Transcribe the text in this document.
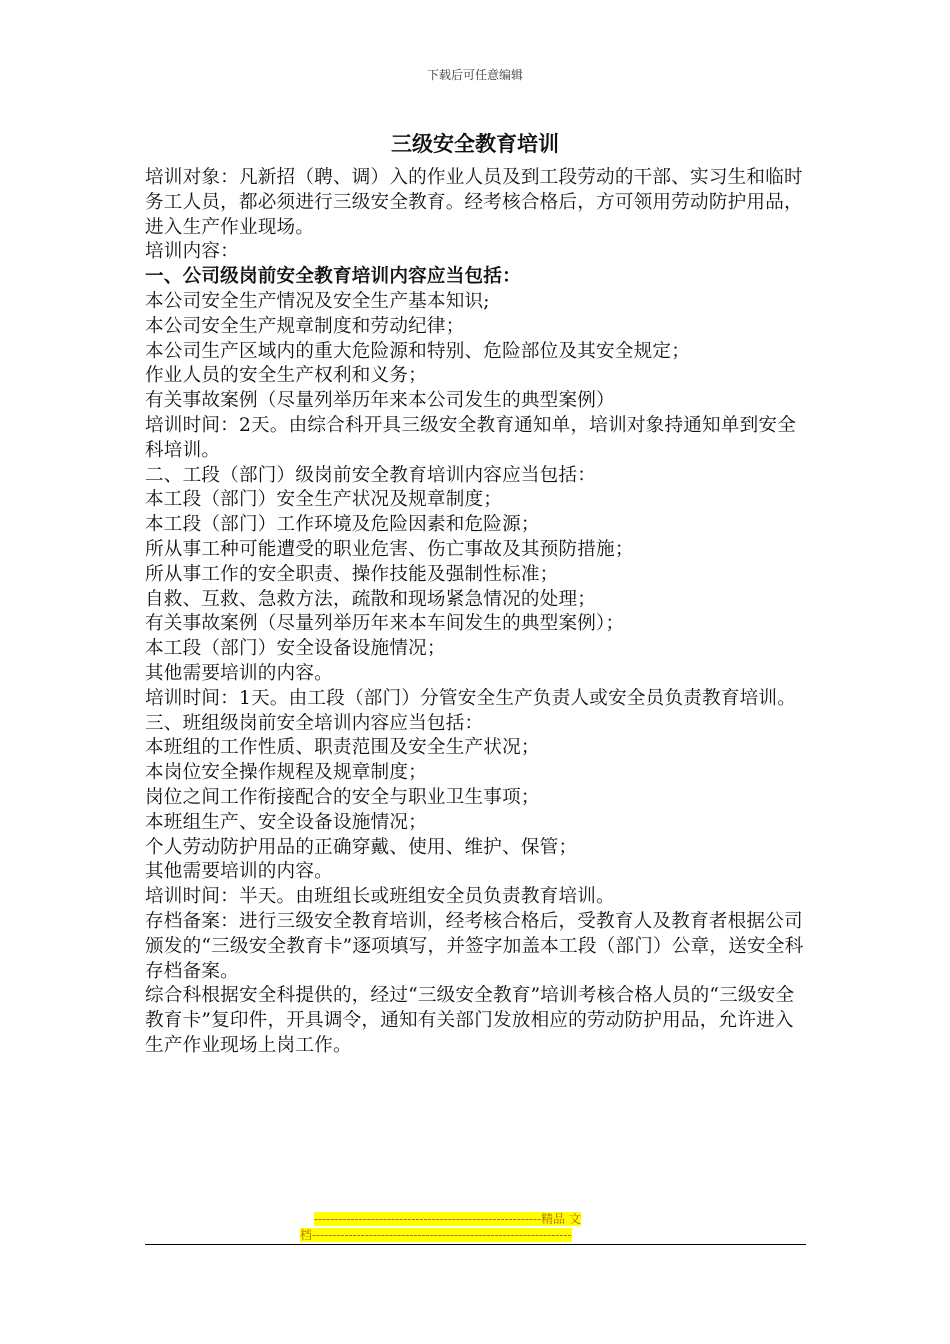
下载后可任意编辑
三级安全教育培训

培训对象：凡新招（聘、调）入的作业人员及到工段劳动的干部、实习生和临时务工人员，都必须进行三级安全教育。经考核合格后，方可领用劳动防护用品，进入生产作业现场。

培训内容：

一、公司级岗前安全教育培训内容应当包括：

本公司安全生产情况及安全生产基本知识;

本公司安全生产规章制度和劳动纪律；

本公司生产区域内的重大危险源和特别、危险部位及其安全规定；

作业人员的安全生产权利和义务；

有关事故案例（尽量列举历年来本公司发生的典型案例）

培训时间：2天。由综合科开具三级安全教育通知单，培训对象持通知单到安全科培训。

二、工段（部门）级岗前安全教育培训内容应当包括：

本工段（部门）安全生产状况及规章制度；

本工段（部门）工作环境及危险因素和危险源；

所从事工种可能遭受的职业危害、伤亡事故及其预防措施；

所从事工作的安全职责、操作技能及强制性标准；

自救、互救、急救方法，疏散和现场紧急情况的处理；

有关事故案例（尽量列举历年来本车间发生的典型案例）；

本工段（部门）安全设备设施情况；

其他需要培训的内容。

培训时间：1天。由工段（部门）分管安全生产负责人或安全员负责教育培训。

三、班组级岗前安全培训内容应当包括：

本班组的工作性质、职责范围及安全生产状况；

本岗位安全操作规程及规章制度；

岗位之间工作衔接配合的安全与职业卫生事项；

本班组生产、安全设备设施情况；

个人劳动防护用品的正确穿戴、使用、维护、保管；

其他需要培训的内容。

培训时间：半天。由班组长或班组安全员负责教育培训。

存档备案：进行三级安全教育培训，经考核合格后，受教育人及教育者根据公司颁发的“三级安全教育卡”逐项填写，并签字加盖本工段（部门）公章，送安全科存档备案。

综合科根据安全科提供的，经过“三级安全教育”培训考核合格人员的“三级安全教育卡”复印件，开具调令，通知有关部门发放相应的劳动防护用品，允许进入生产作业现场上岗工作。

--------------------------------------------------------精品 文
档----------------------------------------------------------------
